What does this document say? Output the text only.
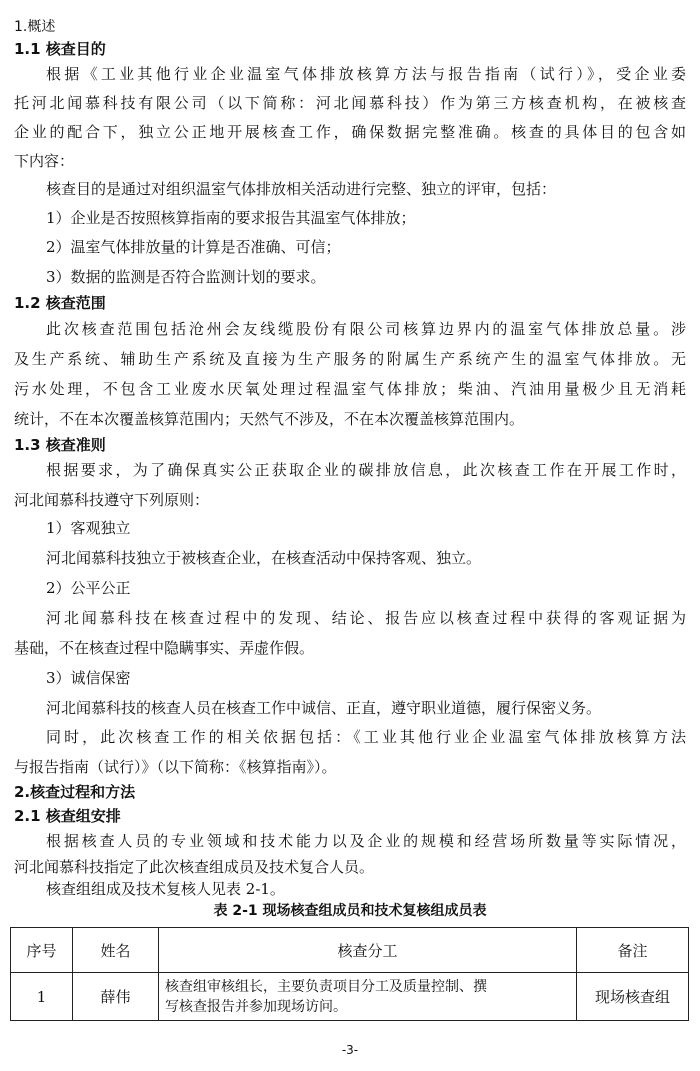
1.概述
1.1 核查目的
根据《工业其他行业企业温室气体排放核算方法与报告指南（试行）》，受企业委
托河北闻慕科技有限公司（以下简称：河北闻慕科技）作为第三方核查机构，在被核查
企业的配合下，独立公正地开展核查工作，确保数据完整准确。核查的具体目的包含如
下内容：
核查目的是通过对组织温室气体排放相关活动进行完整、独立的评审，包括：
1）企业是否按照核算指南的要求报告其温室气体排放；
2）温室气体排放量的计算是否准确、可信；
3）数据的监测是否符合监测计划的要求。
1.2 核查范围
此次核查范围包括沧州会友线缆股份有限公司核算边界内的温室气体排放总量。涉
及生产系统、辅助生产系统及直接为生产服务的附属生产系统产生的温室气体排放。无
污水处理，不包含工业废水厌氧处理过程温室气体排放；柴油、汽油用量极少且无消耗
统计，不在本次覆盖核算范围内；天然气不涉及，不在本次覆盖核算范围内。
1.3 核查准则
根据要求，为了确保真实公正获取企业的碳排放信息，此次核查工作在开展工作时，
河北闻慕科技遵守下列原则：
1）客观独立
河北闻慕科技独立于被核查企业，在核查活动中保持客观、独立。
2）公平公正
河北闻慕科技在核查过程中的发现、结论、报告应以核查过程中获得的客观证据为
基础，不在核查过程中隐瞒事实、弄虚作假。
3）诚信保密
河北闻慕科技的核查人员在核查工作中诚信、正直，遵守职业道德，履行保密义务。
同时，此次核查工作的相关依据包括：《工业其他行业企业温室气体排放核算方法
与报告指南（试行）》（以下简称：《核算指南》）。
2.核查过程和方法
2.1 核查组安排
根据核查人员的专业领域和技术能力以及企业的规模和经营场所数量等实际情况，
河北闻慕科技指定了此次核查组成员及技术复合人员。
表 2-1 现场核查组成员和技术复核组成员表
序号	姓名	核查分工	备注
1	薛伟	核查组审核组长，主要负责项目分工及质量控制、撰
写核查报告并参加现场访问。	现场核查组
-3-
核查组组成及技术复核人见表 2-1。
